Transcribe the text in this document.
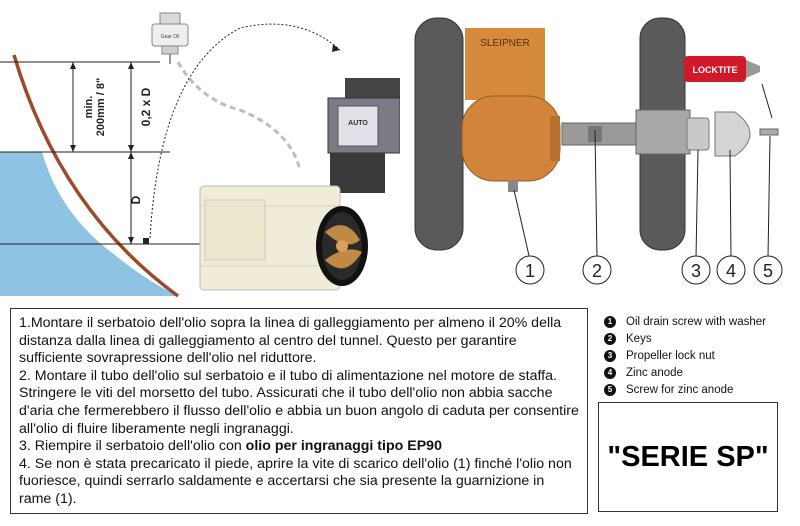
min. 200mm / 8"	0,2 x D
D
Gear Oil
AUTO
SLEIPNER
LOCKTITE
1	2	3 4 5

1.Montare il serbatoio dell'olio sopra la linea di galleggiamento per almeno il 20% della distanza dalla linea di galleggiamento al centro del tunnel. Questo per garantire sufficiente sovrapressione dell'olio nel riduttore.

2. Montare il tubo dell'olio sul serbatoio e il tubo di alimentazione nel motore de staffa. Stringere le viti del morsetto del tubo. Assicurati che il tubo dell'olio non abbia sacche d'aria che fermerebbero il flusso dell'olio e abbia un buon angolo di caduta per consentire all'olio di fluire liberamente negli ingranaggi.

3. Riempire il serbatoio dell'olio con olio per ingranaggi tipo EP90

4. Se non è stata precaricato il piede, aprire la vite di scarico dell'olio (1) finché l'olio non fuoriesce, quindi serrarlo saldamente e accertarsi che sia presente la guarnizione in rame (1).

1	Oil drain screw with washer
2	Keys
3	Propeller lock nut
4	Zinc anode
5	Screw for zinc anode
"SERIE SP"
